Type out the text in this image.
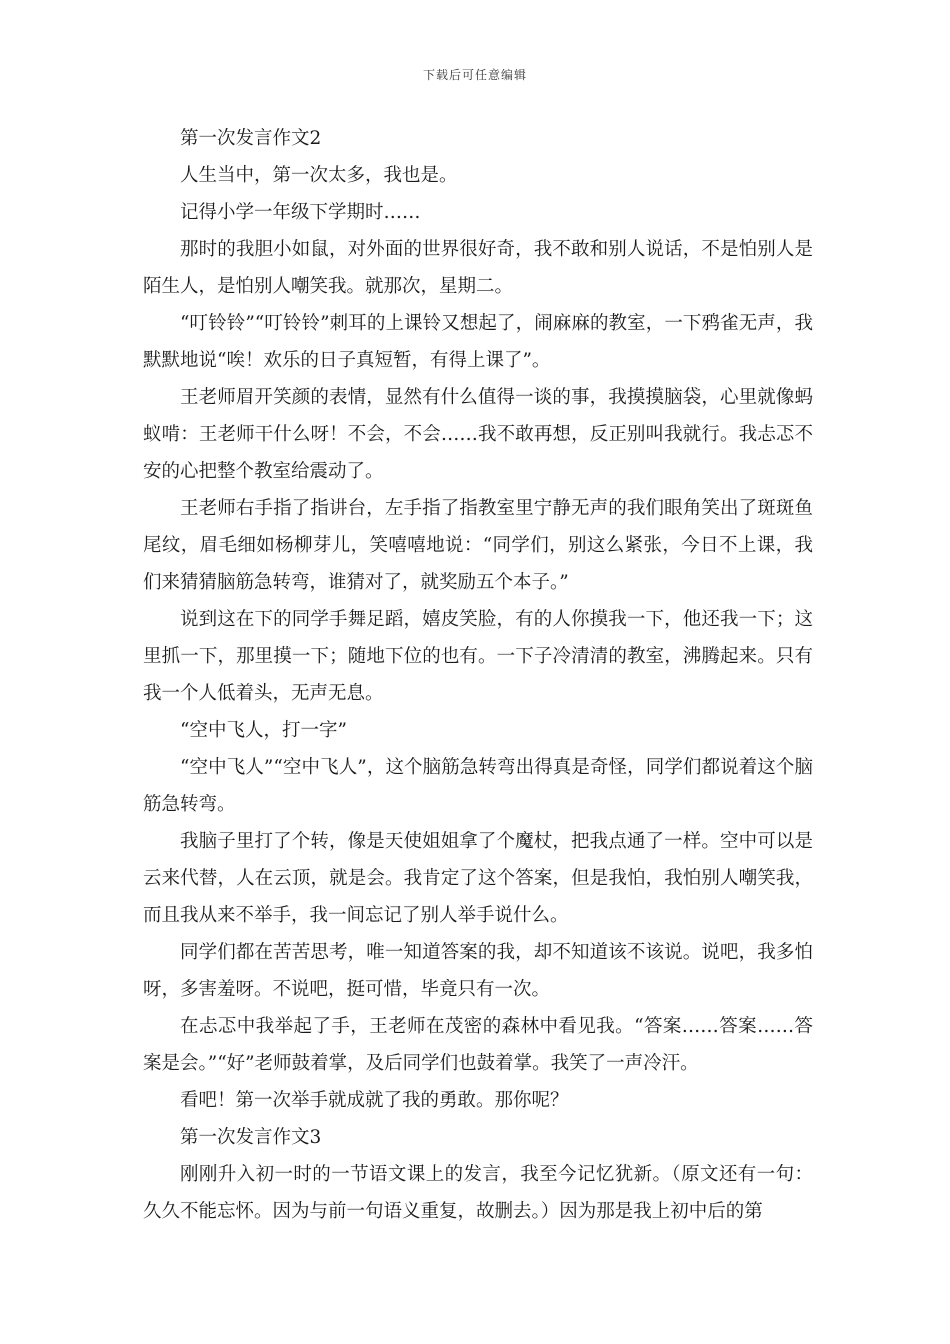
下载后可任意编辑

第一次发言作文2

人生当中，第一次太多，我也是。

记得小学一年级下学期时……

那时的我胆小如鼠，对外面的世界很好奇，我不敢和别人说话，不是怕别人是陌生人，是怕别人嘲笑我。就那次，星期二。

“叮铃铃”“叮铃铃”刺耳的上课铃又想起了，闹麻麻的教室，一下鸦雀无声，我默默地说“唉！欢乐的日子真短暂，有得上课了”。

王老师眉开笑颜的表情，显然有什么值得一谈的事，我摸摸脑袋，心里就像蚂蚁啃：王老师干什么呀！不会，不会……我不敢再想，反正别叫我就行。我忐忑不安的心把整个教室给震动了。

王老师右手指了指讲台，左手指了指教室里宁静无声的我们眼角笑出了斑斑鱼尾纹，眉毛细如杨柳芽儿，笑嘻嘻地说：“同学们，别这么紧张，今日不上课，我们来猜猜脑筋急转弯，谁猜对了，就奖励五个本子。”

说到这在下的同学手舞足蹈，嬉皮笑脸，有的人你摸我一下，他还我一下；这里抓一下，那里摸一下；随地下位的也有。一下子冷清清的教室，沸腾起来。只有我一个人低着头，无声无息。

“空中飞人，打一字”

“空中飞人”“空中飞人”，这个脑筋急转弯出得真是奇怪，同学们都说着这个脑筋急转弯。

我脑子里打了个转，像是天使姐姐拿了个魔杖，把我点通了一样。空中可以是云来代替，人在云顶，就是会。我肯定了这个答案，但是我怕，我怕别人嘲笑我，而且我从来不举手，我一间忘记了别人举手说什么。

同学们都在苦苦思考，唯一知道答案的我，却不知道该不该说。说吧，我多怕呀，多害羞呀。不说吧，挺可惜，毕竟只有一次。

在忐忑中我举起了手，王老师在茂密的森林中看见我。“答案……答案……答案是会。”“好”老师鼓着掌，及后同学们也鼓着掌。我笑了一声冷汗。

看吧！第一次举手就成就了我的勇敢。那你呢？

第一次发言作文3

刚刚升入初一时的一节语文课上的发言，我至今记忆犹新。（原文还有一句：久久不能忘怀。因为与前一句语义重复，故删去。）因为那是我上初中后的第
